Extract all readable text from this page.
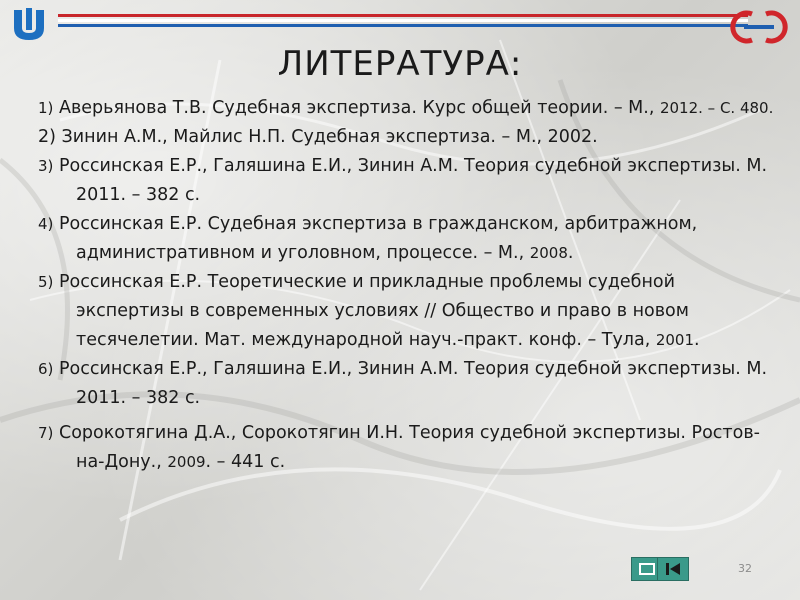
ЛИТЕРАТУРА:

1) Аверьянова Т.В. Судебная экспертиза. Курс общей теории. – М., 2012. – С. 480.

2) Зинин А.М., Майлис Н.П. Судебная экспертиза. – М., 2002.

3) Россинская Е.Р., Галяшина Е.И., Зинин А.М. Теория судебной экспертизы. М. 2011. – 382 с.

4) Россинская Е.Р. Судебная экспертиза в гражданском, арбитражном, административном и уголовном, процессе. – М., 2008.

5) Россинская Е.Р. Теоретические и прикладные проблемы судебной экспертизы в современных условиях // Общество и право в новом тесячелетии. Мат. международной науч.-практ. конф. – Тула, 2001.

6) Россинская Е.Р., Галяшина Е.И., Зинин А.М. Теория судебной экспертизы. М. 2011. – 382 с.

7) Сорокотягина Д.А., Сорокотягин И.Н. Теория судебной экспертизы. Ростов-на-Дону., 2009. – 441 с.

32
